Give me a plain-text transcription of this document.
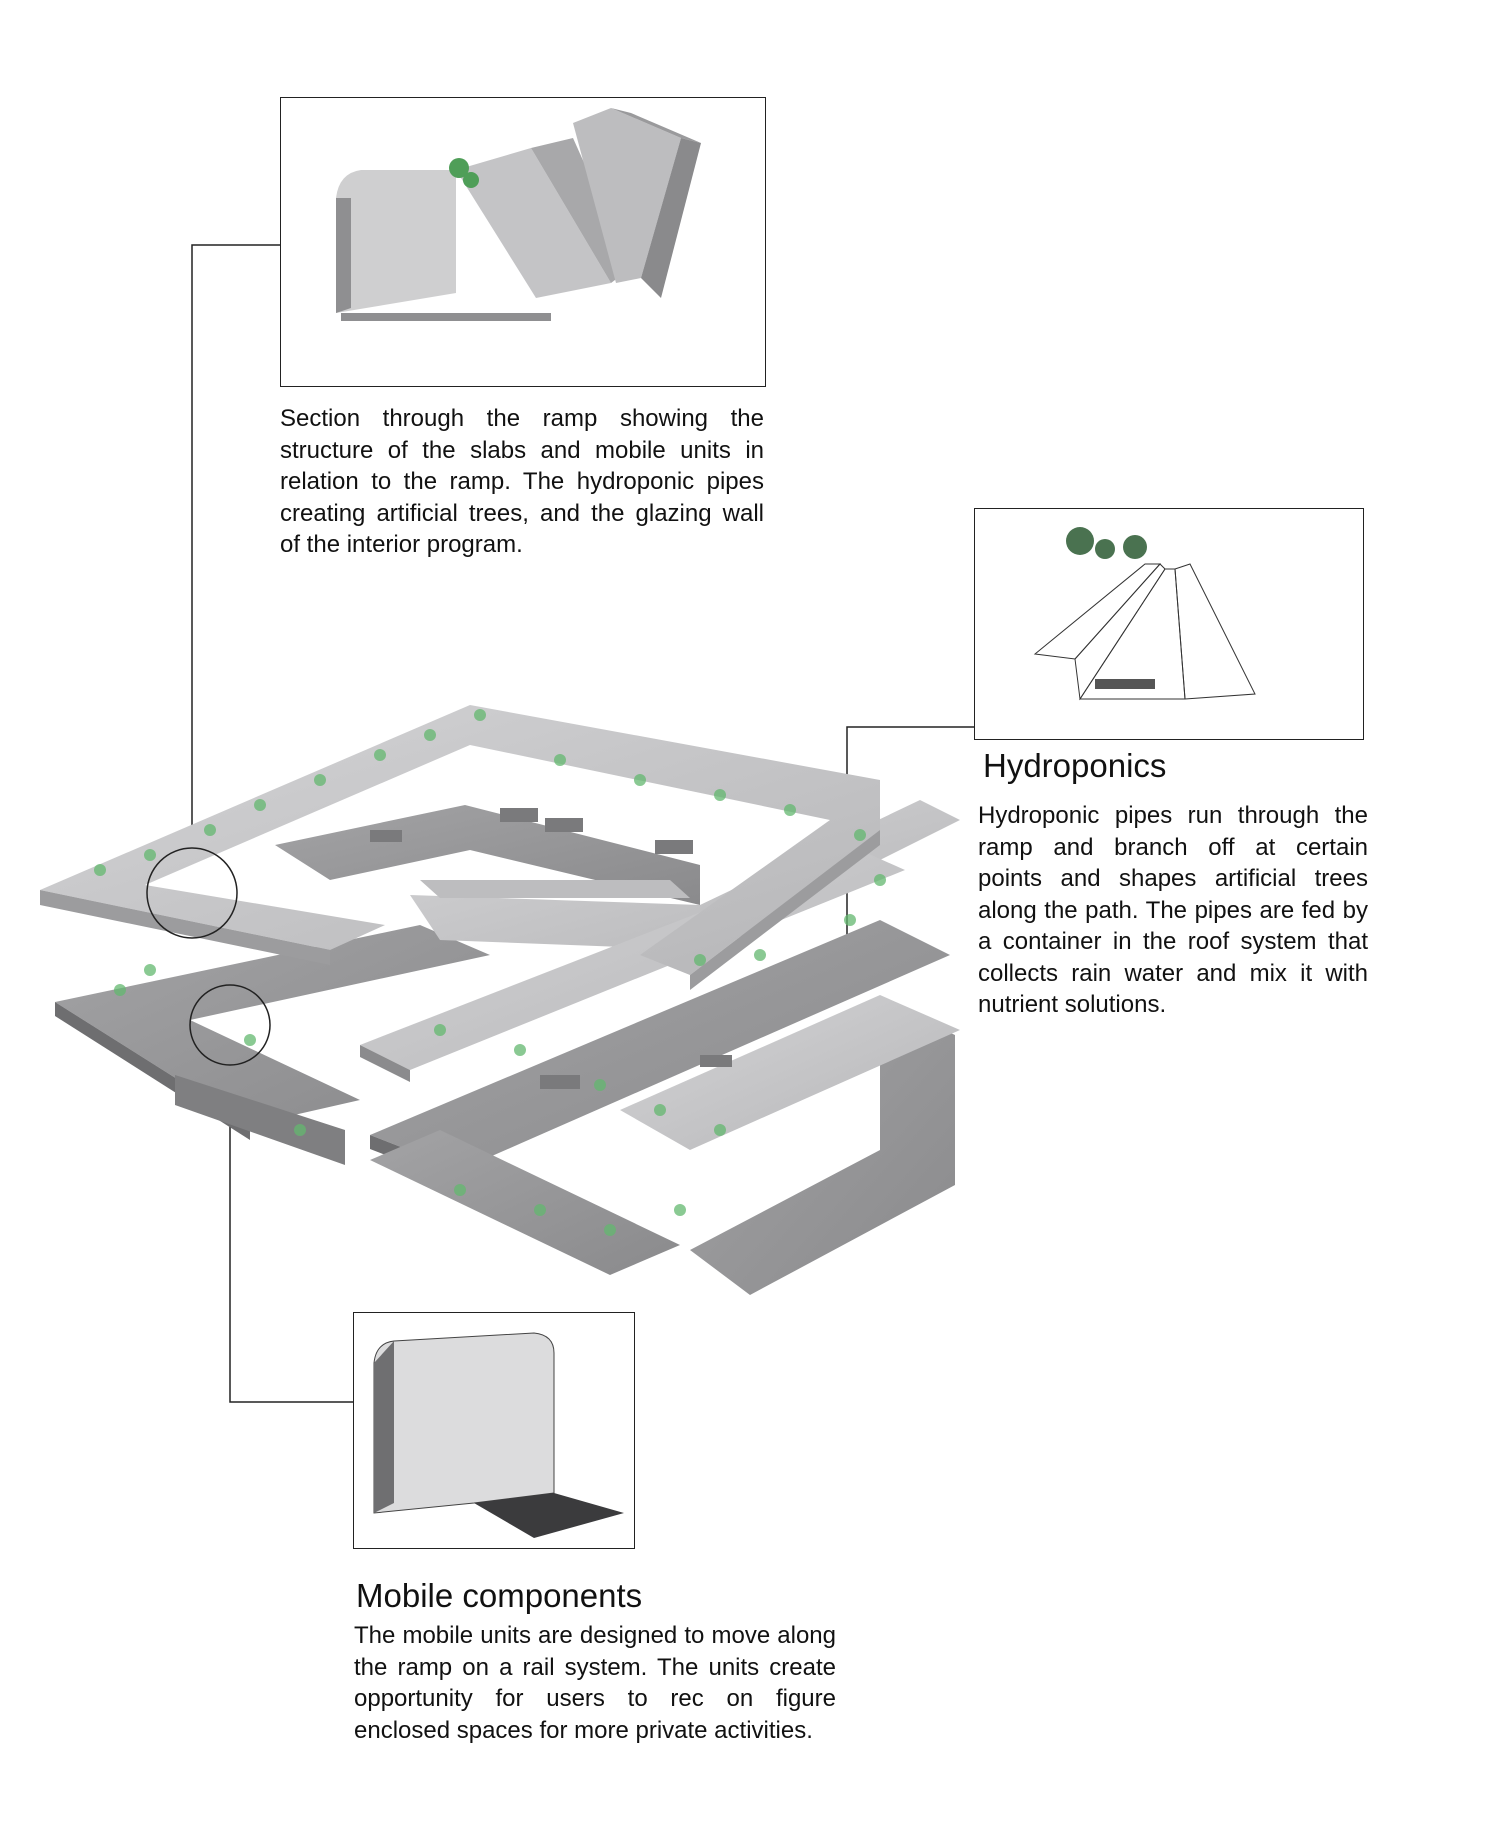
Section through the ramp showing the structure of the slabs and mobile units in relation to the ramp. The hydroponic pipes creating artificial trees, and the glazing wall of the interior program.

Hydroponics

Hydroponic pipes run through the ramp and branch off at certain points and shapes artificial trees along the path. The pipes are fed by a container in the roof system that collects rain water and mix it with nutrient solutions.

Mobile components

The mobile units are designed to move along the ramp on a rail system. The units create opportunity for users to rec on figure enclosed spaces for more private activities.
